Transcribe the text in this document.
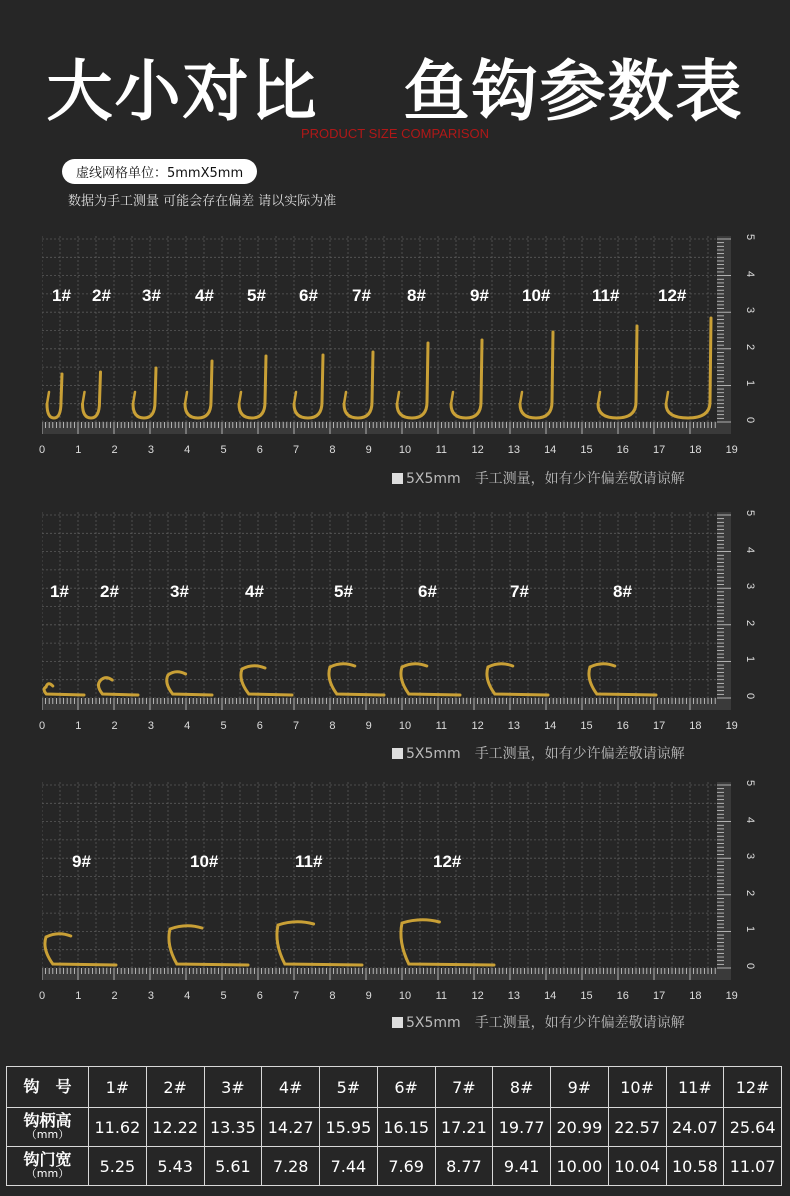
大小对比 鱼钩参数表
PRODUCT SIZE COMPARISON
虚线网格单位：5mmX5mm
数据为手工测量 可能会存在偏差 请以实际为准
1# 2# 3# 4# 5# 6# 7# 8#	9# 10# 11# 12#
0	1	2	3	4	5	6	7	8	9	10	11	12	13	14	15	16	17	18	19
0
1
2
3
4
5
5X5mm 手工测量，如有少许偏差敬请谅解
1# 2#	3#	4#	5#	6#	7#	8#
0	1	2	3	4	5	6	7	8	9	10	11	12	13	14	15	16	17	18	19
0
1
2
3
4
5
5X5mm 手工测量，如有少许偏差敬请谅解
9#	10#	11#	12#
0	1	2	3	4	5	6	7	8	9	10	11	12	13	14	15	16	17	18	19
0
1
2
3
4
5
5X5mm 手工测量，如有少许偏差敬请谅解
钩　号	1#	2#	3#	4#	5#	6#	7#	8#	9#	10#	11#	12#
钩柄高
（mm）	11.62	12.22	13.35	14.27	15.95	16.15	17.21	19.77	20.99	22.57	24.07	25.64
钩门宽
（mm）	5.25	5.43	5.61	7.28	7.44	7.69	8.77	9.41	10.00	10.04	10.58	11.07
